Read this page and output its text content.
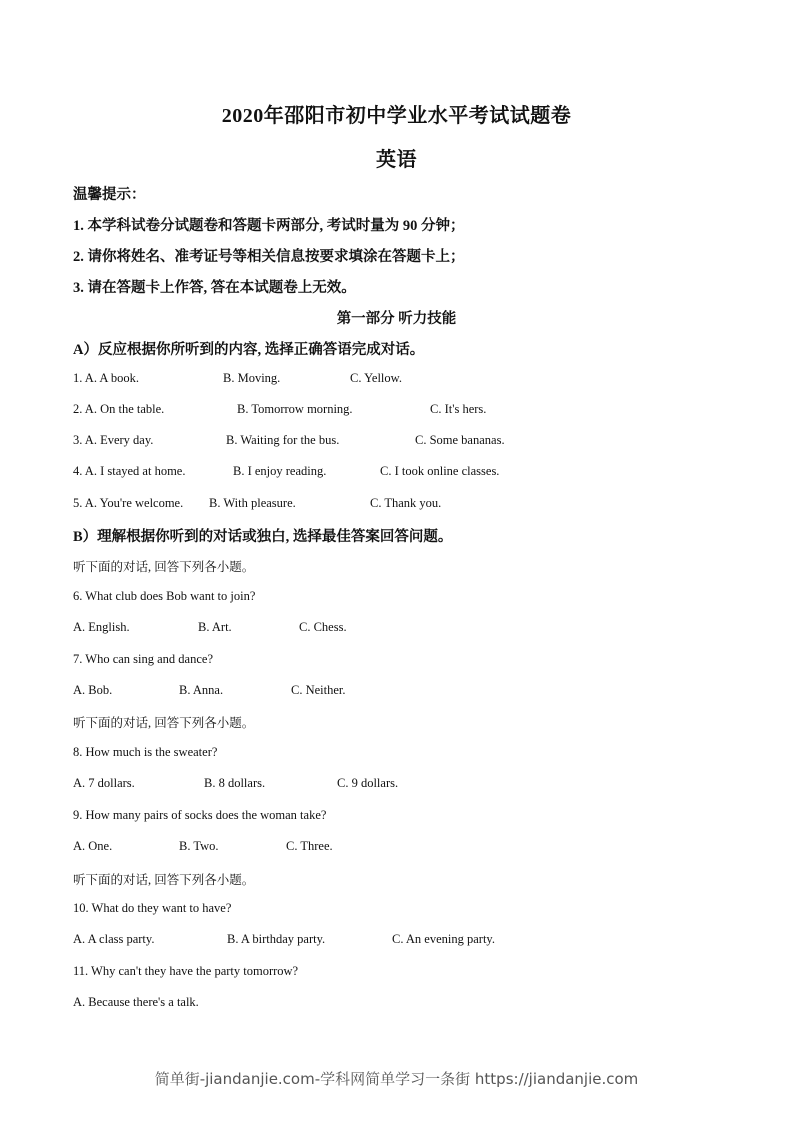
2020年邵阳市初中学业水平考试试题卷
英语
温馨提示：
1. 本学科试卷分试题卷和答题卡两部分, 考试时量为 90 分钟；
2. 请你将姓名、准考证号等相关信息按要求填涂在答题卡上；
3. 请在答题卡上作答, 答在本试题卷上无效。
第一部分 听力技能
A）反应根据你所听到的内容, 选择正确答语完成对话。
1. A. A book.	B. Moving.	C. Yellow.
2. A. On the table.	B. Tomorrow morning.	C. It's hers.
3. A. Every day.	B. Waiting for the bus.	C. Some bananas.
4. A. I stayed at home.	B. I enjoy reading.	C. I took online classes.
5. A. You're welcome. B. With pleasure.	C. Thank you.
B）理解根据你听到的对话或独白, 选择最佳答案回答问题。
听下面的对话, 回答下列各小题。
6. What club does Bob want to join?
A. English.	B. Art.	C. Chess.
7. Who can sing and dance?
A. Bob.	B. Anna.	C. Neither.
听下面的对话, 回答下列各小题。
8. How much is the sweater?
A. 7 dollars.	B. 8 dollars.	C. 9 dollars.
9. How many pairs of socks does the woman take?
A. One.	B. Two.	C. Three.
听下面的对话, 回答下列各小题。
10. What do they want to have?
A. A class party.	B. A birthday party.	C. An evening party.
11. Why can't they have the party tomorrow?
A. Because there's a talk.
简单街-jiandanjie.com-学科网简单学习一条街 https://jiandanjie.com
